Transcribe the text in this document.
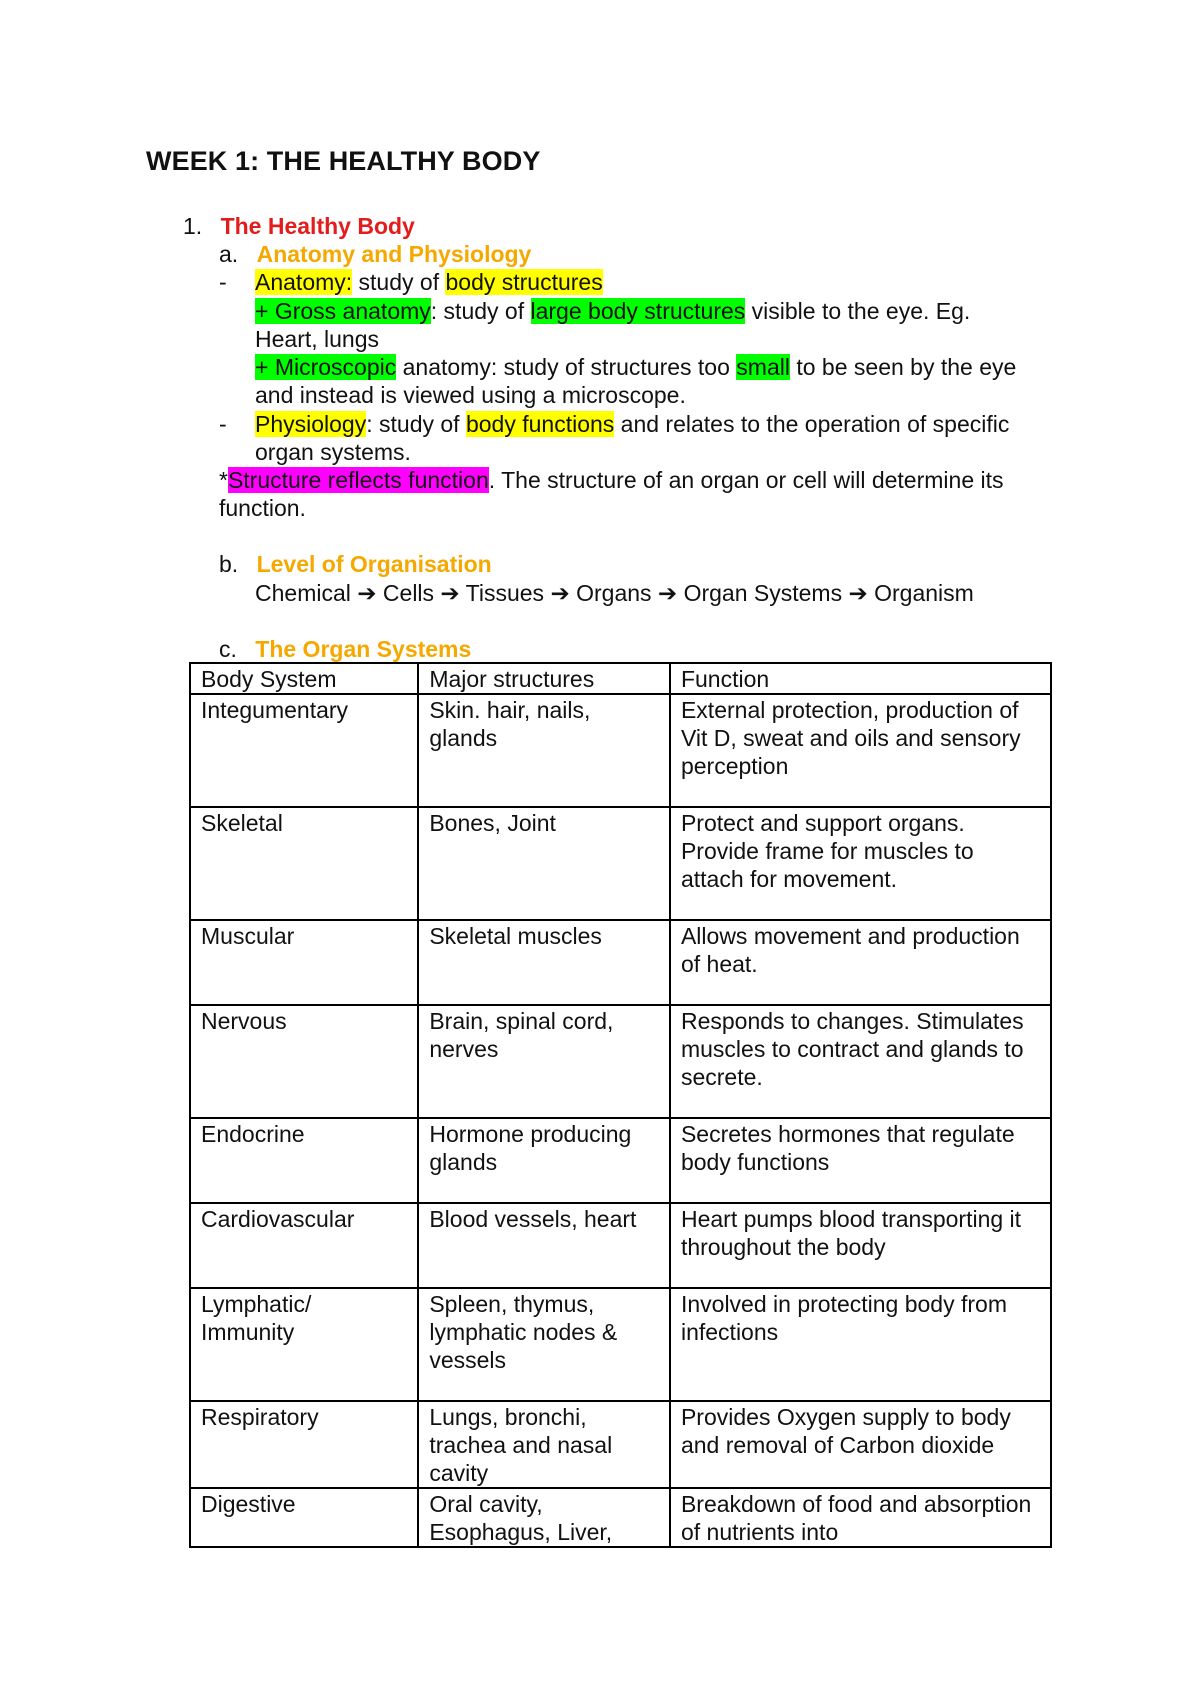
WEEK 1: THE HEALTHY BODY
1. The Healthy Body
a. Anatomy and Physiology
- Anatomy: study of body structures
+ Gross anatomy: study of large body structures visible to the eye. Eg.
Heart, lungs
+ Microscopic anatomy: study of structures too small to be seen by the eye
and instead is viewed using a microscope.
- Physiology: study of body functions and relates to the operation of specific
organ systems.
*Structure reflects function. The structure of an organ or cell will determine its
function.
b. Level of Organisation
Chemical ➔ Cells ➔ Tissues ➔ Organs ➔ Organ Systems ➔ Organism
c. The Organ Systems
Body System	Major structures	Function
Integumentary	Skin. hair, nails, glands	External protection, production of Vit D, sweat and oils and sensory perception
Skeletal	Bones, Joint	Protect and support organs. Provide frame for muscles to attach for movement.
Muscular	Skeletal muscles	Allows movement and production of heat.
Nervous	Brain, spinal cord, nerves	Responds to changes. Stimulates muscles to contract and glands to secrete.
Endocrine	Hormone producing glands	Secretes hormones that regulate body functions
Cardiovascular	Blood vessels, heart	Heart pumps blood transporting it throughout the body
Lymphatic/ Immunity	Spleen, thymus, lymphatic nodes & vessels	Involved in protecting body from infections
Respiratory	Lungs, bronchi, trachea and nasal cavity	Provides Oxygen supply to body and removal of Carbon dioxide
Digestive	Oral cavity, Esophagus, Liver,	Breakdown of food and absorption of nutrients into
